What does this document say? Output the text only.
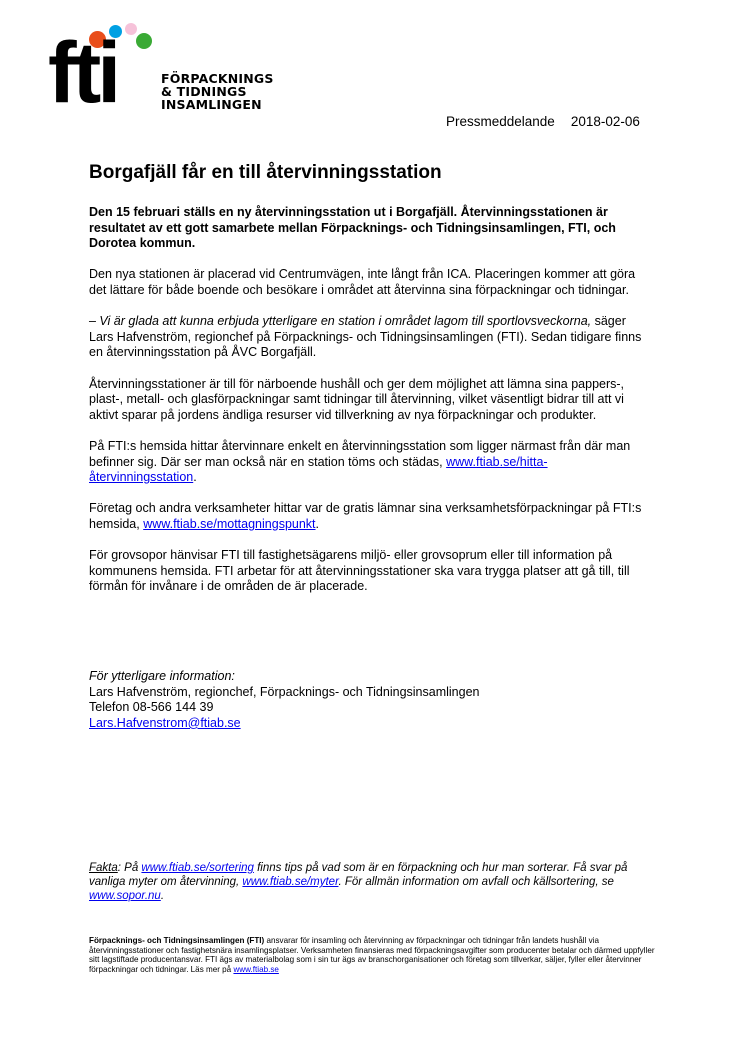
fti	FÖRPACKNINGS
& TIDNINGS
INSAMLINGEN
Pressmeddelande 2018-02-06
Borgafjäll får en till återvinningsstation

Den 15 februari ställs en ny återvinningsstation ut i Borgafjäll. Återvinningsstationen är resultatet av ett gott samarbete mellan Förpacknings- och Tidningsinsamlingen, FTI, och Dorotea kommun.

Den nya stationen är placerad vid Centrumvägen, inte långt från ICA. Placeringen kommer att göra det lättare för både boende och besökare i området att återvinna sina förpackningar och tidningar.

– Vi är glada att kunna erbjuda ytterligare en station i området lagom till sportlovsveckorna, säger Lars Hafvenström, regionchef på Förpacknings- och Tidningsinsamlingen (FTI). Sedan tidigare finns en återvinningsstation på ÅVC Borgafjäll.

Återvinningsstationer är till för närboende hushåll och ger dem möjlighet att lämna sina pappers-, plast-, metall- och glasförpackningar samt tidningar till återvinning, vilket väsentligt bidrar till att vi aktivt sparar på jordens ändliga resurser vid tillverkning av nya förpackningar och produkter.

På FTI:s hemsida hittar återvinnare enkelt en återvinningsstation som ligger närmast från där man befinner sig. Där ser man också när en station töms och städas, www.ftiab.se/hitta-återvinningsstation.

Företag och andra verksamheter hittar var de gratis lämnar sina verksamhetsförpackningar på FTI:s hemsida, www.ftiab.se/mottagningspunkt.

För grovsopor hänvisar FTI till fastighetsägarens miljö- eller grovsoprum eller till information på kommunens hemsida. FTI arbetar för att återvinningsstationer ska vara trygga platser att gå till, till förmån för invånare i de områden de är placerade.

För ytterligare information:
Lars Hafvenström, regionchef, Förpacknings- och Tidningsinsamlingen
Telefon 08-566 144 39
Lars.Hafvenstrom@ftiab.se
Fakta: På www.ftiab.se/sortering finns tips på vad som är en förpackning och hur man sorterar. Få svar på vanliga myter om återvinning, www.ftiab.se/myter. För allmän information om avfall och källsortering, se www.sopor.nu.
Förpacknings- och Tidningsinsamlingen (FTI) ansvarar för insamling och återvinning av förpackningar och tidningar från landets hushåll via återvinningsstationer och fastighetsnära insamlingsplatser. Verksamheten finansieras med förpackningsavgifter som producenter betalar och därmed uppfyller sitt lagstiftade producentansvar. FTI ägs av materialbolag som i sin tur ägs av branschorganisationer och företag som tillverkar, säljer, fyller eller återvinner förpackningar och tidningar. Läs mer på www.ftiab.se
